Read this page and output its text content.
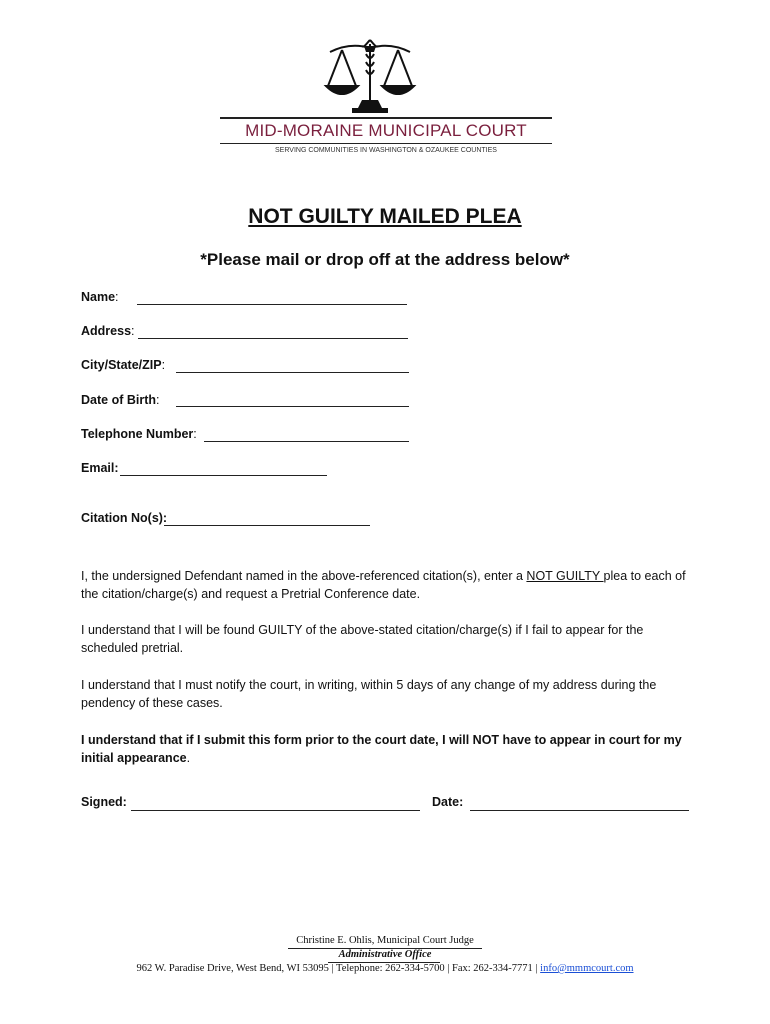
MID-MORAINE MUNICIPAL COURT
SERVING COMMUNITIES IN WASHINGTON & OZAUKEE COUNTIES
NOT GUILTY MAILED PLEA
*Please mail or drop off at the address below*
Name:
Address:
City/State/ZIP:
Date of Birth:
Telephone Number:
Email:
Citation No(s):

I, the undersigned Defendant named in the above-referenced citation(s), enter a NOT GUILTY plea to each of the citation/charge(s) and request a Pretrial Conference date.

I understand that I will be found GUILTY of the above-stated citation/charge(s) if I fail to appear for the scheduled pretrial.

I understand that I must notify the court, in writing, within 5 days of any change of my address during the pendency of these cases.

I understand that if I submit this form prior to the court date, I will NOT have to appear in court for my initial appearance.

Signed:	Date:
Christine E. Ohlis, Municipal Court Judge
Administrative Office
962 W. Paradise Drive, West Bend, WI 53095 | Telephone: 262-334-5700 | Fax: 262-334-7771 | info@mmmcourt.com
